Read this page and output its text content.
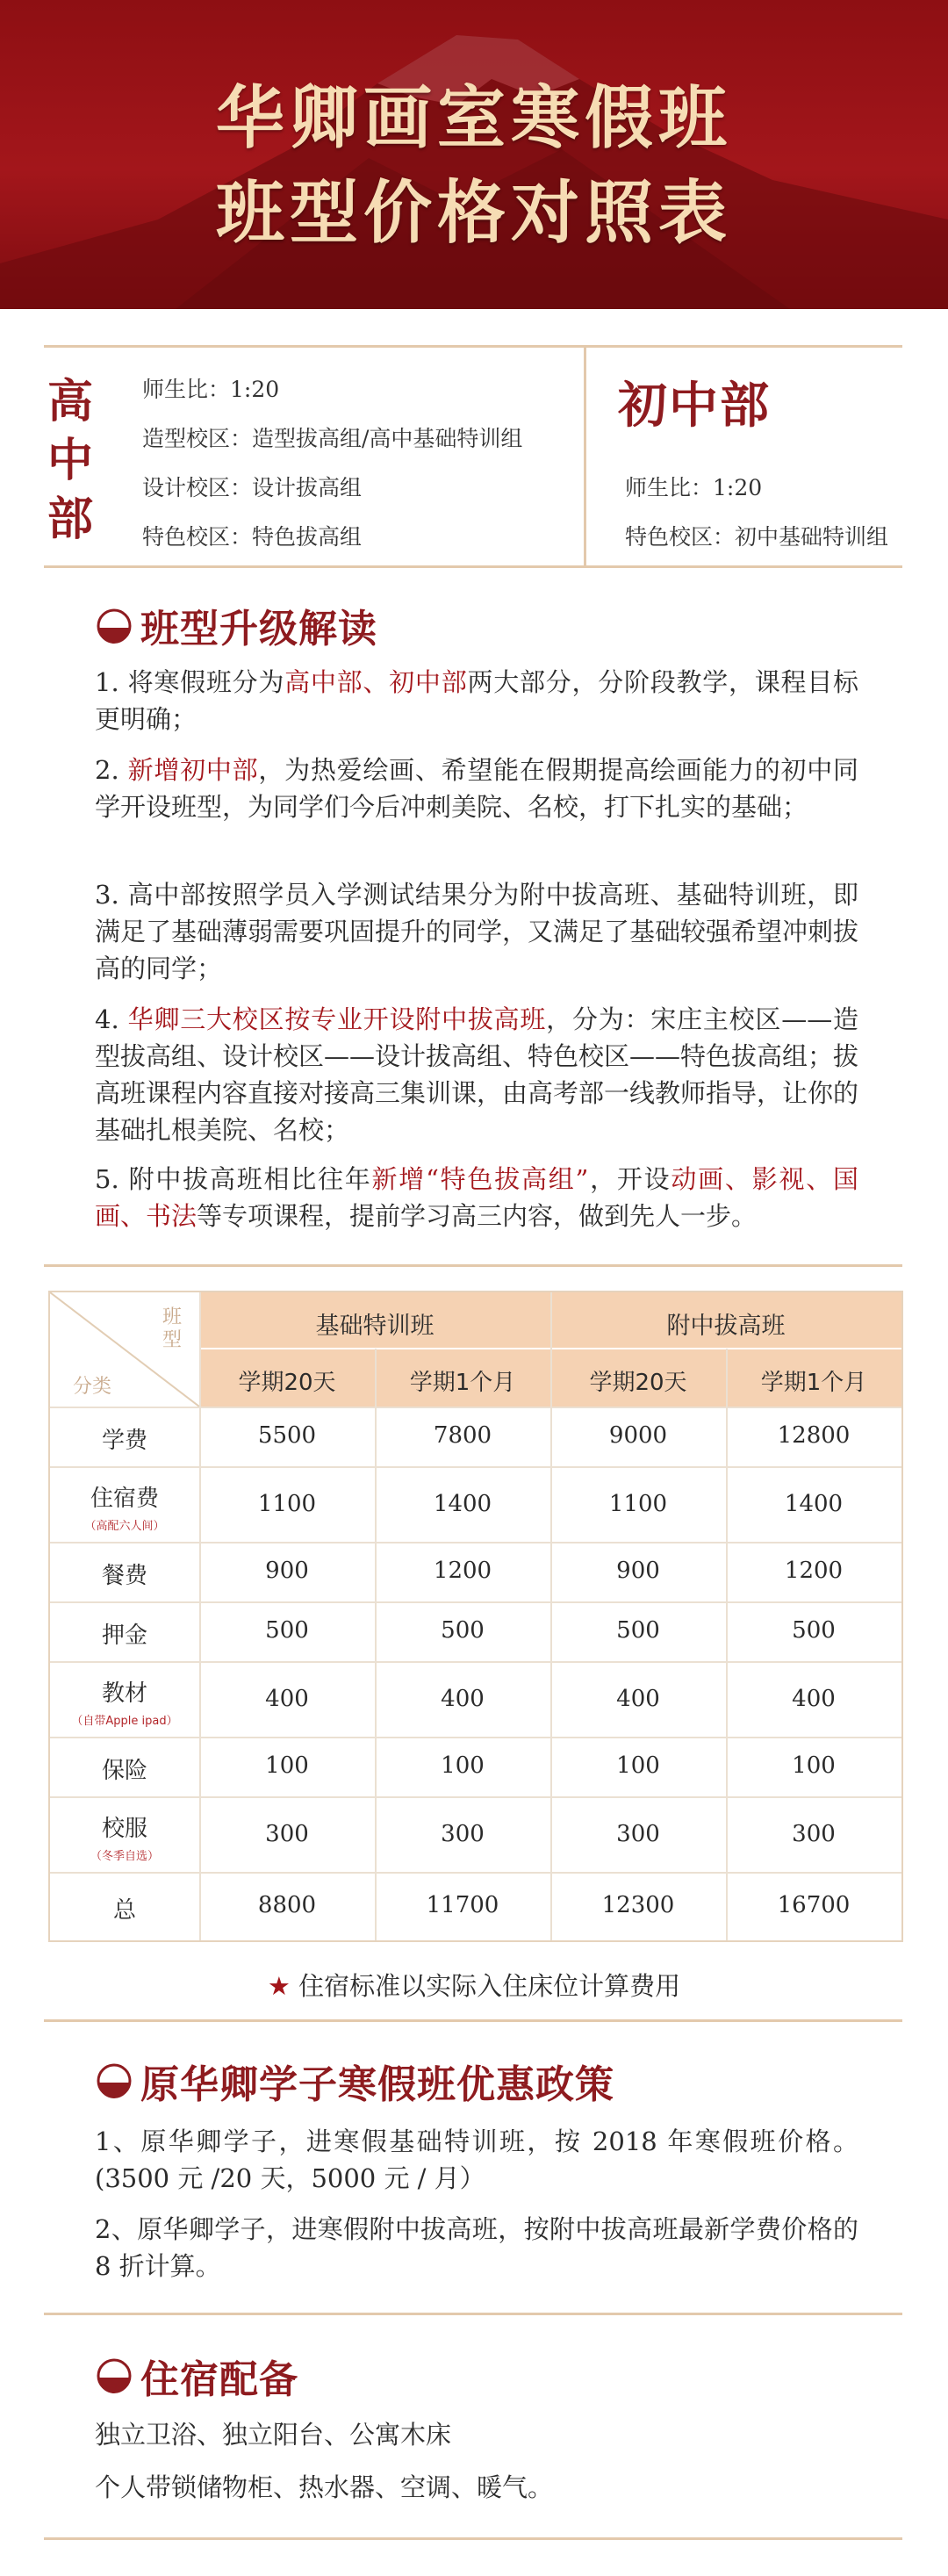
华卿画室寒假班
班型价格对照表
高
中
部
师生比：1:20
造型校区：造型拔高组/高中基础特训组
设计校区：设计拔高组
特色校区：特色拔高组
初中部
师生比：1:20
特色校区：初中基础特训组
班型升级解读
1. 将寒假班分为高中部、初中部两大部分，分阶段教学，课程目标更明确；
2. 新增初中部，为热爱绘画、希望能在假期提高绘画能力的初中同学开设班型，为同学们今后冲刺美院、名校，打下扎实的基础；
3. 高中部按照学员入学测试结果分为附中拔高班、基础特训班，即满足了基础薄弱需要巩固提升的同学，又满足了基础较强希望冲刺拔高的同学；
4. 华卿三大校区按专业开设附中拔高班，分为：宋庄主校区——造型拔高组、设计校区——设计拔高组、特色校区——特色拔高组；拔高班课程内容直接对接高三集训课，由高考部一线教师指导，让你的基础扎根美院、名校；
5. 附中拔高班相比往年新增“特色拔高组”，开设动画、影视、国画、书法等专项课程，提前学习高三内容，做到先人一步。
班型
分类
基础特训班	附中拔高班
学期20天	学期1个月	学期20天	学期1个月
学费	5500	7800	9000	12800
住宿费
（高配六人间）
1100	1400	1100	1400
餐费	900	1200	900	1200
押金	500	500	500	500
教材
（自带Apple ipad）
400	400	400	400
保险	100	100	100	100
校服
（冬季自选）
300	300	300	300
总	8800	11700	12300	16700
★ 住宿标准以实际入住床位计算费用
原华卿学子寒假班优惠政策
1、原华卿学子，进寒假基础特训班，按 2018 年寒假班价格。(3500 元 /20 天，5000 元 / 月）
2、原华卿学子，进寒假附中拔高班，按附中拔高班最新学费价格的 8 折计算。
住宿配备
独立卫浴、独立阳台、公寓木床
个人带锁储物柜、热水器、空调、暖气。
